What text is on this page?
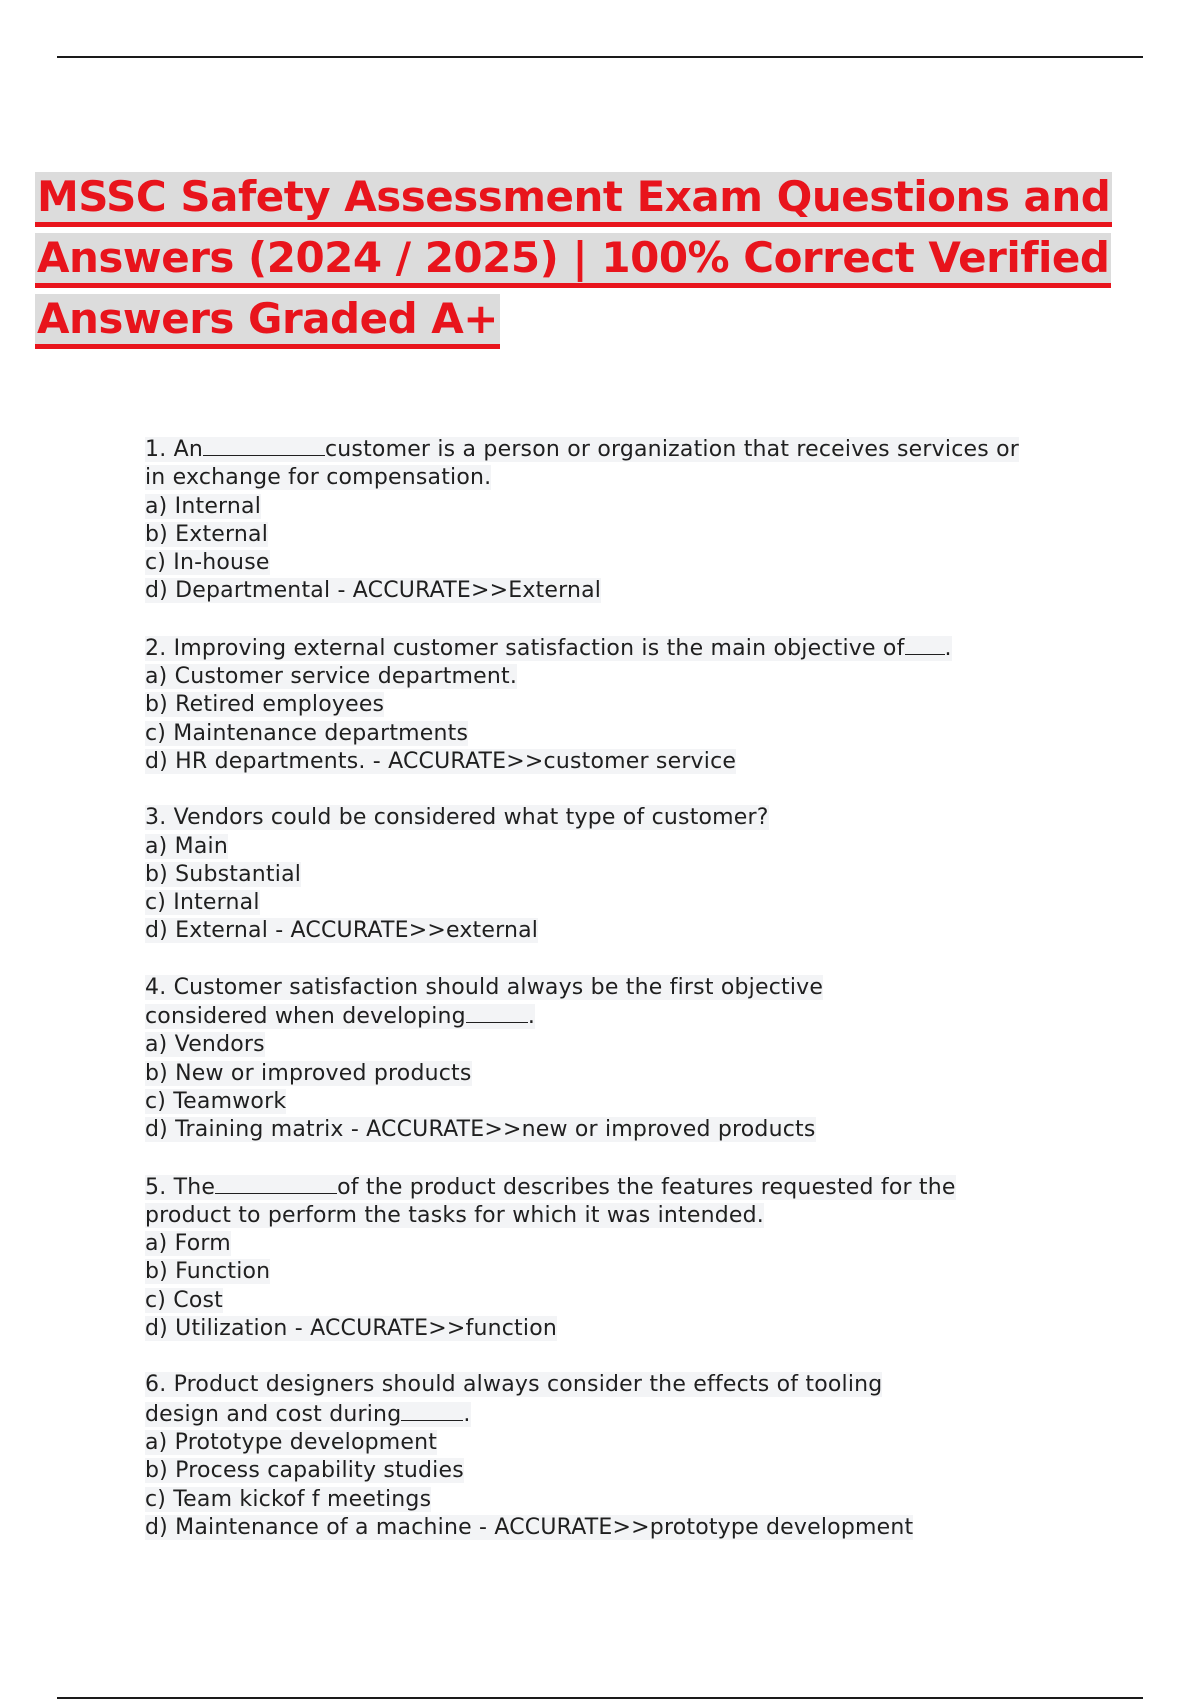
MSSC Safety Assessment Exam Questions and
Answers (2024 / 2025) | 100% Correct Verified
Answers Graded A+
1. An	customer is a person or organization that receives services or
in exchange for compensation.
a) Internal
b) External
c) In-house
d) Departmental - ACCURATE>>External
2. Improving external customer satisfaction is the main objective of .
a) Customer service department.
b) Retired employees
c) Maintenance departments
d) HR departments. - ACCURATE>>customer service
3. Vendors could be considered what type of customer?
a) Main
b) Substantial
c) Internal
d) External - ACCURATE>>external
4. Customer satisfaction should always be the first objective
considered when developing	.
a) Vendors
b) New or improved products
c) Teamwork
d) Training matrix - ACCURATE>>new or improved products
5. The	of the product describes the features requested for the
product to perform the tasks for which it was intended.
a) Form
b) Function
c) Cost
d) Utilization - ACCURATE>>function
6. Product designers should always consider the effects of tooling
design and cost during	.
a) Prototype development
b) Process capability studies
c) Team kickof f meetings
d) Maintenance of a machine - ACCURATE>>prototype development
